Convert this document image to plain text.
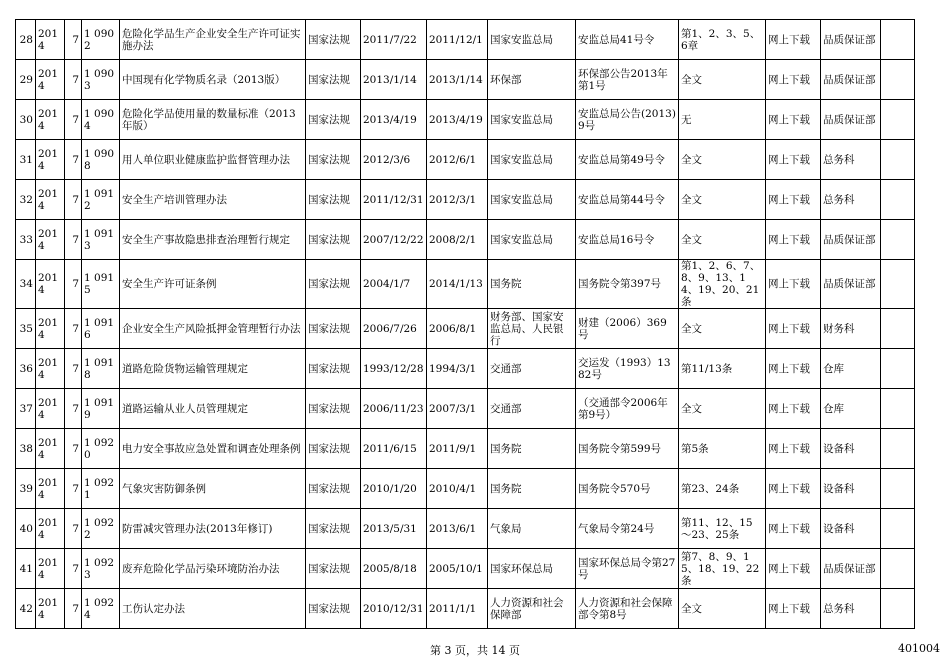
28	2014	7	1 0902	危险化学品生产企业安全生产许可证实施办法	国家法规	2011/7/22	2011/12/1	国家安监总局	安监总局41号令	第1、2、3、5、6章	网上下载	品质保证部	
29	2014	7	1 0903	中国现有化学物质名录（2013版）	国家法规	2013/1/14	2013/1/14	环保部	环保部公告2013年第1号	全文	网上下载	品质保证部	
30	2014	7	1 0904	危险化学品使用量的数量标准（2013年版）	国家法规	2013/4/19	2013/4/19	国家安监总局	安监总局公告(2013)9号	无	网上下载	品质保证部	
31	2014	7	1 0908	用人单位职业健康监护监督管理办法	国家法规	2012/3/6	2012/6/1	国家安监总局	安监总局第49号令	全文	网上下载	总务科	
32	2014	7	1 0912	安全生产培训管理办法	国家法规	2011/12/31	2012/3/1	国家安监总局	安监总局第44号令	全文	网上下载	总务科	
33	2014	7	1 0913	安全生产事故隐患排查治理暂行规定	国家法规	2007/12/22	2008/2/1	国家安监总局	安监总局16号令	全文	网上下载	品质保证部	
34	2014	7	1 0915	安全生产许可证条例	国家法规	2004/1/7	2014/1/13	国务院	国务院令第397号	第1、2、6、7、8、9、13、14、19、20、21条	网上下载	品质保证部	
35	2014	7	1 0916	企业安全生产风险抵押金管理暂行办法	国家法规	2006/7/26	2006/8/1	财务部、国家安监总局、人民银行	财建（2006）369号	全文	网上下载	财务科	
36	2014	7	1 0918	道路危险货物运输管理规定	国家法规	1993/12/28	1994/3/1	交通部	交运发（1993）1382号	第11/13条	网上下载	仓库	
37	2014	7	1 0919	道路运输从业人员管理规定	国家法规	2006/11/23	2007/3/1	交通部	（交通部令2006年第9号）	全文	网上下载	仓库	
38	2014	7	1 0920	电力安全事故应急处置和调查处理条例	国家法规	2011/6/15	2011/9/1	国务院	国务院令第599号	第5条	网上下载	设备科	
39	2014	7	1 0921	气象灾害防御条例	国家法规	2010/1/20	2010/4/1	国务院	国务院令570号	第23、24条	网上下载	设备科	
40	2014	7	1 0922	防雷减灾管理办法(2013年修订)	国家法规	2013/5/31	2013/6/1	气象局	气象局令第24号	第11、12、15～23、25条	网上下载	设备科	
41	2014	7	1 0923	废弃危险化学品污染环境防治办法	国家法规	2005/8/18	2005/10/1	国家环保总局	国家环保总局令第27号	第7、8、9、15、18、19、22条	网上下载	品质保证部	
42	2014	7	1 0924	工伤认定办法	国家法规	2010/12/31	2011/1/1	人力资源和社会保障部	人力资源和社会保障部令第8号	全文	网上下载	总务科	
第 3 页，共 14 页	401004
